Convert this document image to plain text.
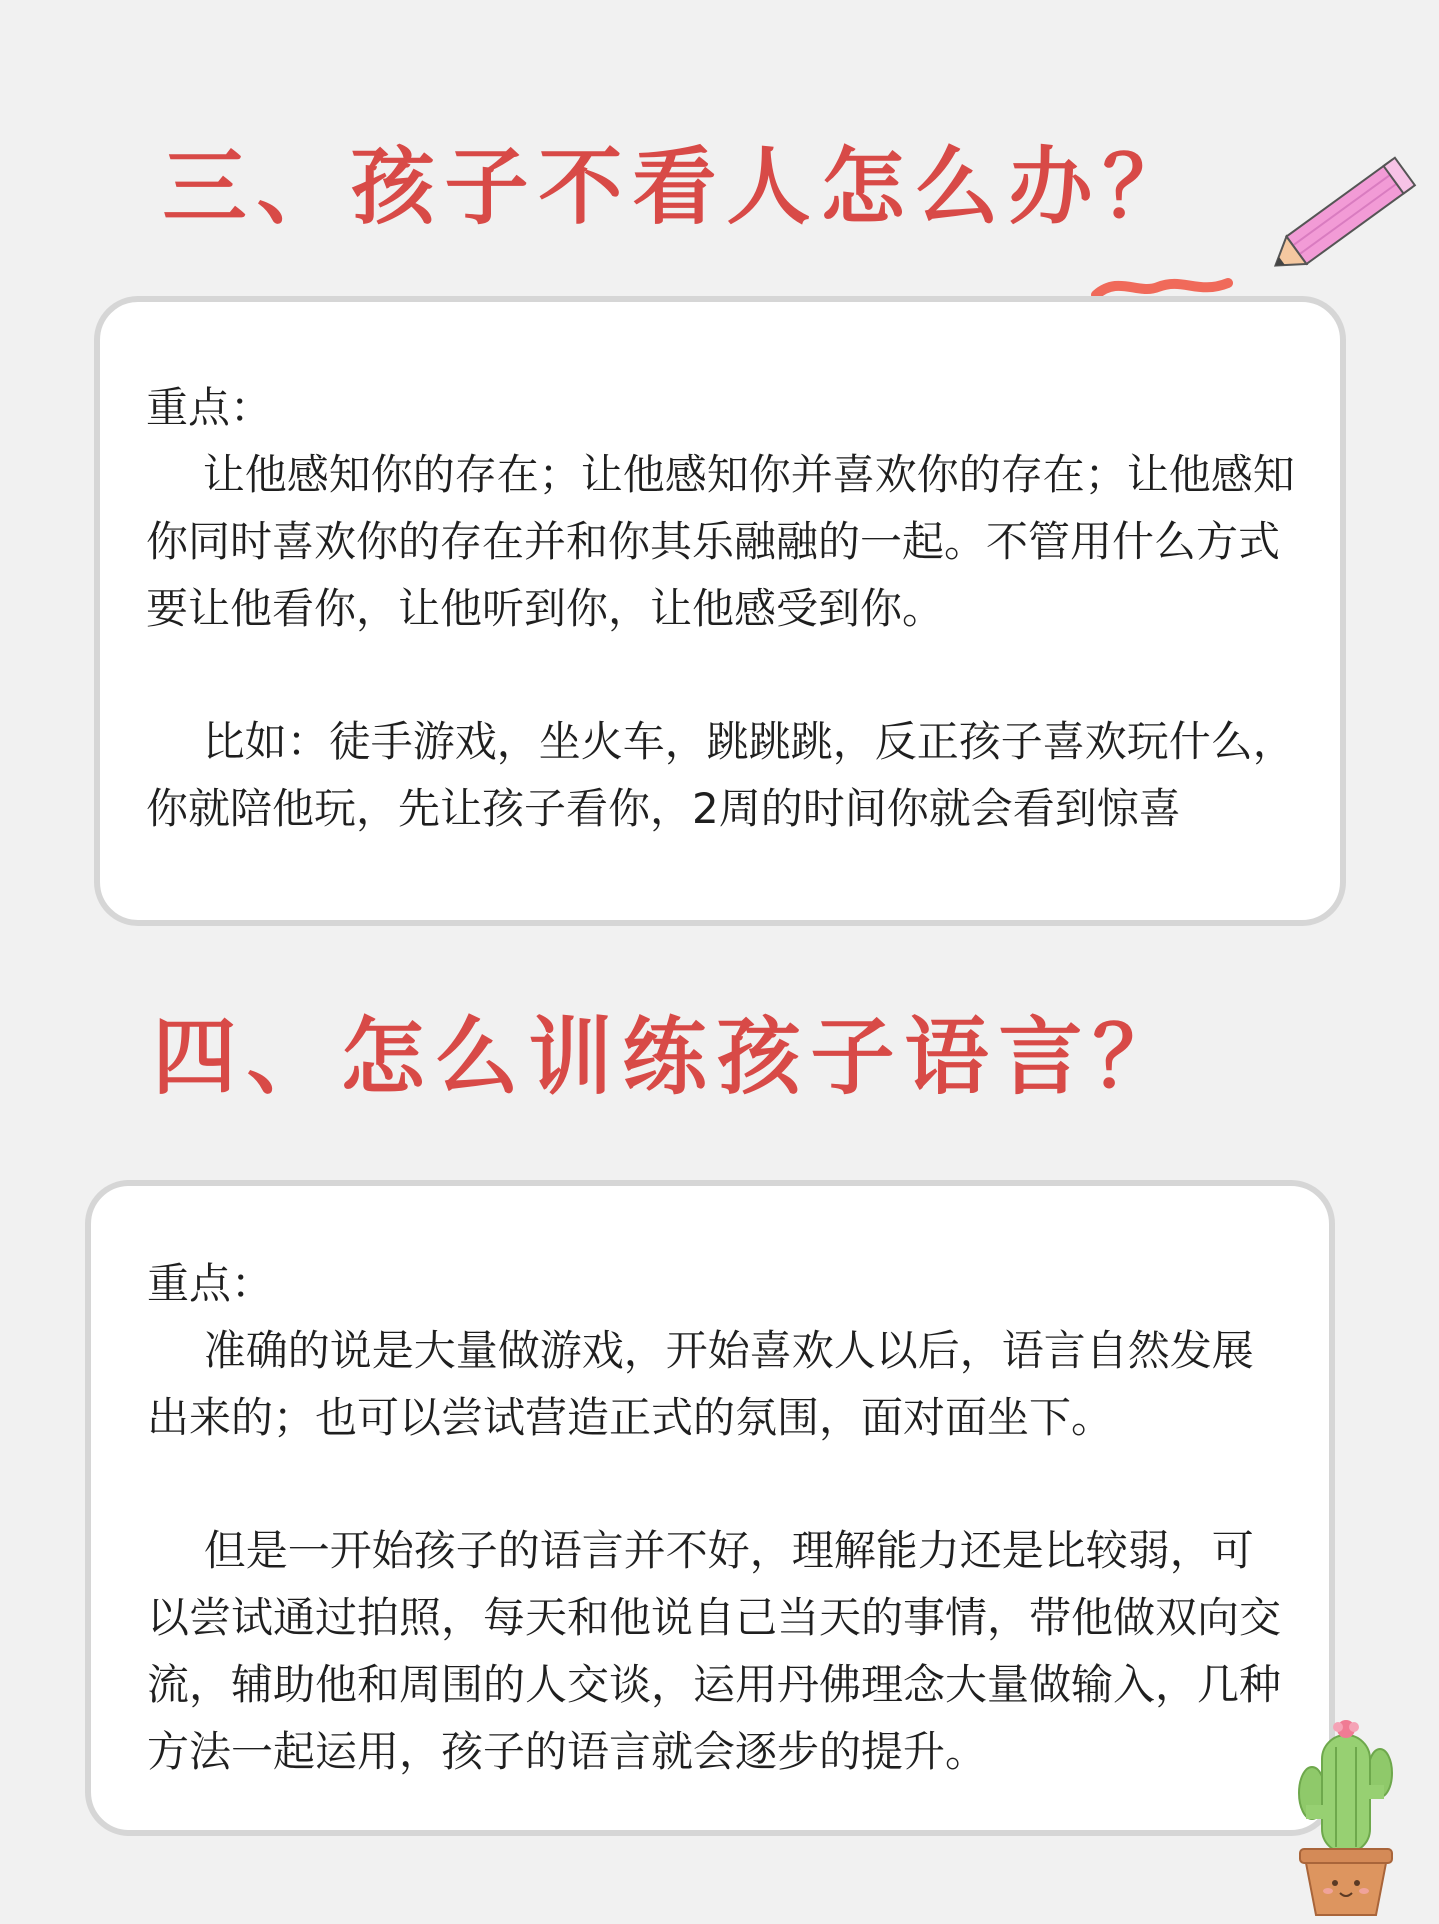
三、孩子不看人怎么办？

重点：

让他感知你的存在；让他感知你并喜欢你的存在；让他感知你同时喜欢你的存在并和你其乐融融的一起。不管用什么方式要让他看你，让他听到你，让他感受到你。

比如：徒手游戏，坐火车，跳跳跳，反正孩子喜欢玩什么，你就陪他玩，先让孩子看你，2周的时间你就会看到惊喜

四、怎么训练孩子语言？

重点：

准确的说是大量做游戏，开始喜欢人以后，语言自然发展出来的；也可以尝试营造正式的氛围，面对面坐下。

但是一开始孩子的语言并不好，理解能力还是比较弱，可以尝试通过拍照，每天和他说自己当天的事情，带他做双向交流，辅助他和周围的人交谈，运用丹佛理念大量做输入，几种方法一起运用，孩子的语言就会逐步的提升。
